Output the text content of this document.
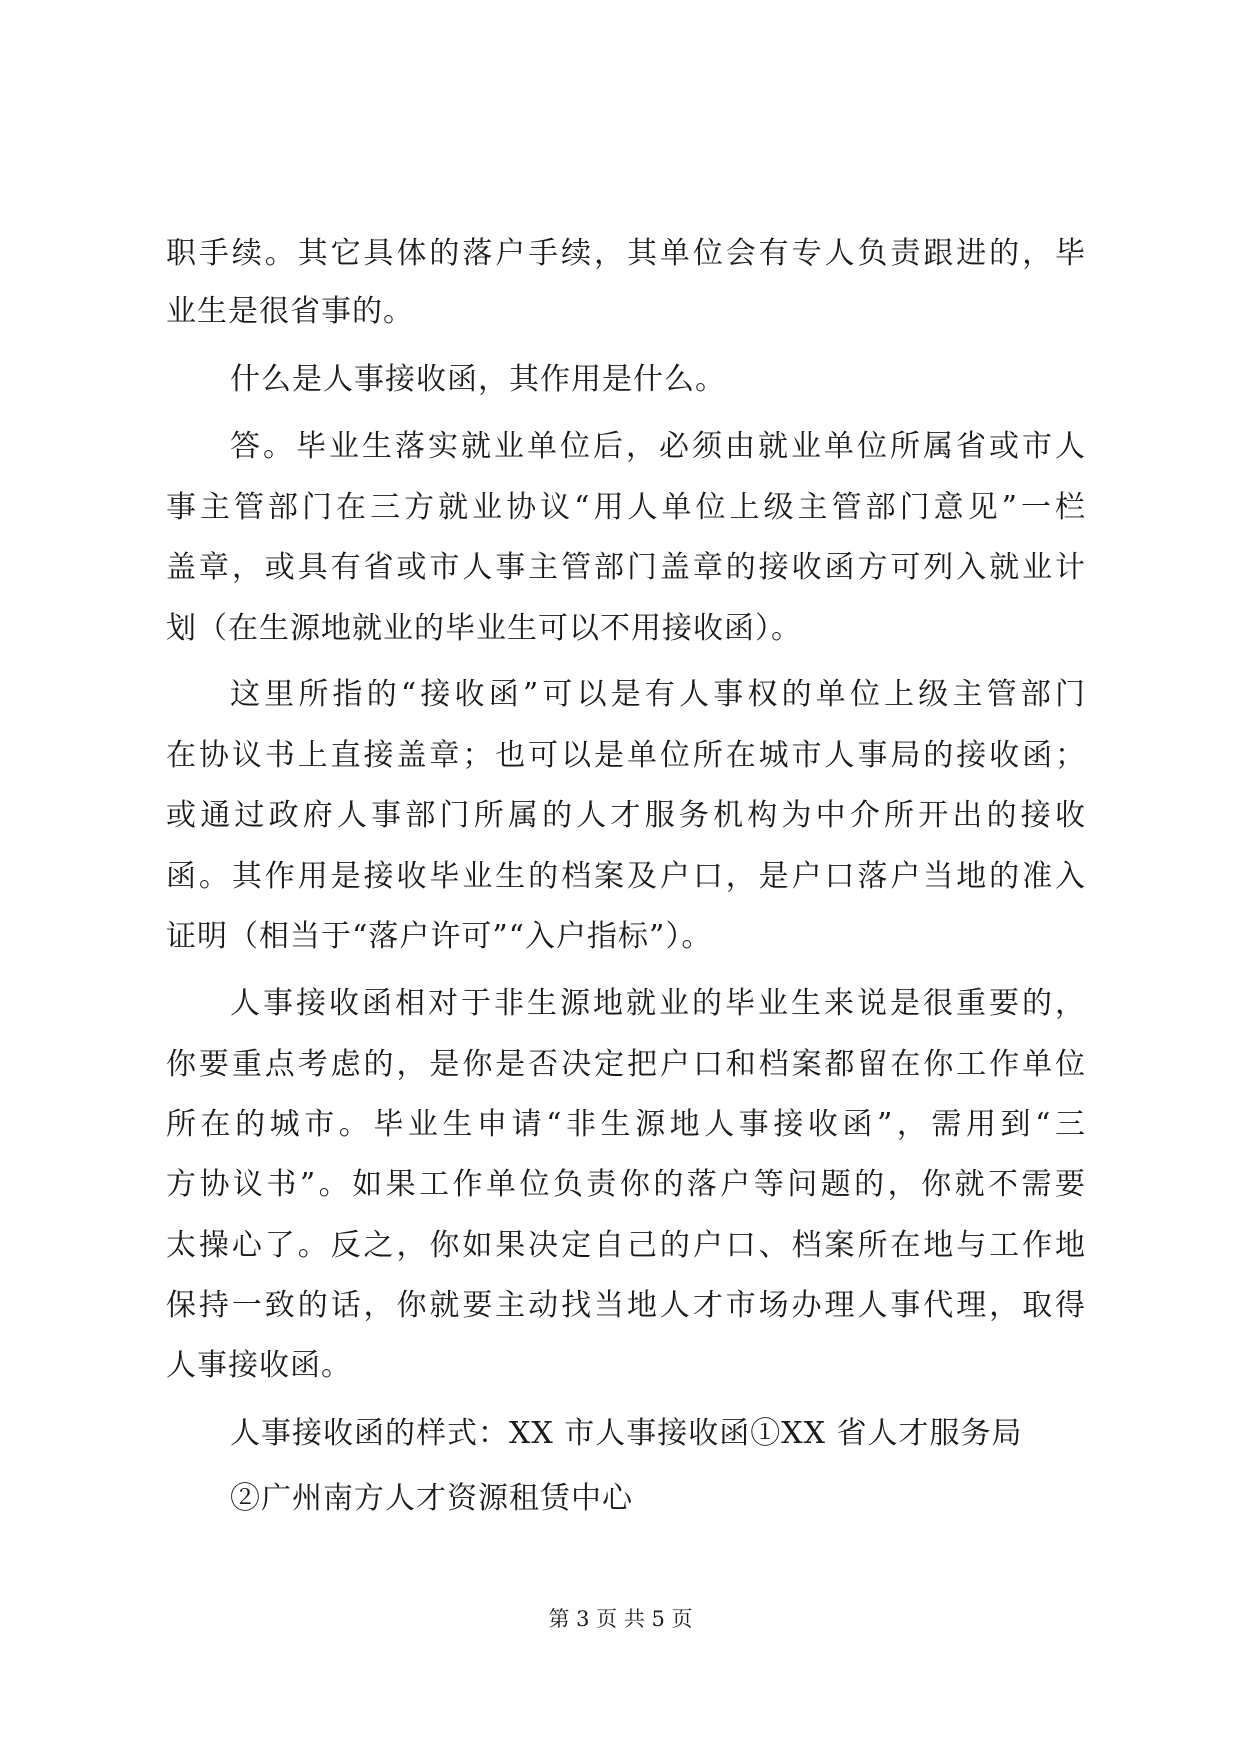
职手续。其它具体的落户手续，其单位会有专人负责跟进的，毕
业生是很省事的。
什么是人事接收函，其作用是什么。
答。毕业生落实就业单位后，必须由就业单位所属省或市人
事主管部门在三方就业协议“用人单位上级主管部门意见”一栏
盖章，或具有省或市人事主管部门盖章的接收函方可列入就业计
划（在生源地就业的毕业生可以不用接收函）。
这里所指的“接收函”可以是有人事权的单位上级主管部门
在协议书上直接盖章；也可以是单位所在城市人事局的接收函；
或通过政府人事部门所属的人才服务机构为中介所开出的接收
函。其作用是接收毕业生的档案及户口，是户口落户当地的准入
证明（相当于“落户许可”“入户指标”）。
人事接收函相对于非生源地就业的毕业生来说是很重要的，
你要重点考虑的，是你是否决定把户口和档案都留在你工作单位
所在的城市。毕业生申请“非生源地人事接收函”，需用到“三
方协议书”。如果工作单位负责你的落户等问题的，你就不需要
太操心了。反之，你如果决定自己的户口、档案所在地与工作地
保持一致的话，你就要主动找当地人才市场办理人事代理，取得
人事接收函。
人事接收函的样式：XX 市人事接收函①XX 省人才服务局
②广州南方人才资源租赁中心
第 3 页 共 5 页
